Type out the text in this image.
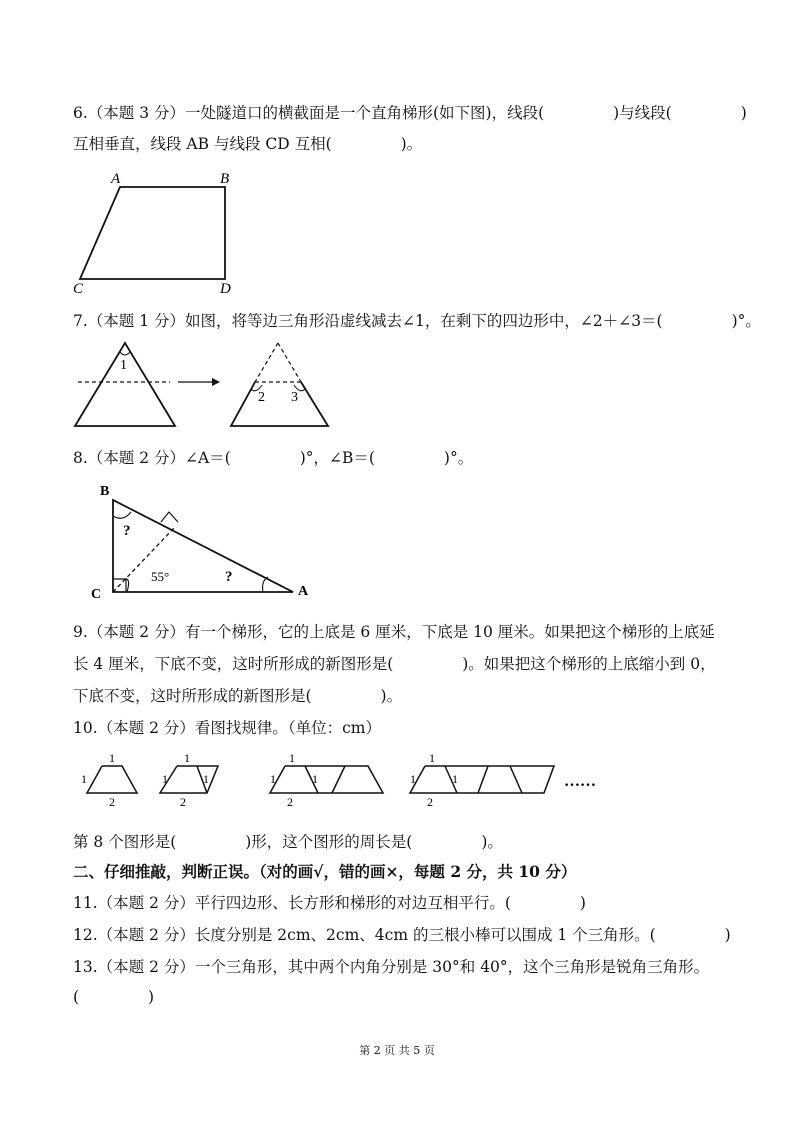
6.（本题 3 分）一处隧道口的横截面是一个直角梯形(如下图)，线段(              )与线段(              )
互相垂直，线段 AB 与线段 CD 互相(              )。
A	B
C	D
7.（本题 1 分）如图，将等边三角形沿虚线减去∠1，在剩下的四边形中，∠2＋∠3＝(              )°。
1
2 3
8.（本题 2 分）∠A＝(              )°，∠B＝(              )°。
B
C	A
?
?
55°
9.（本题 2 分）有一个梯形，它的上底是 6 厘米，下底是 10 厘米。如果把这个梯形的上底延
长 4 厘米，下底不变，这时所形成的新图形是(              )。如果把这个梯形的上底缩小到 0，
下底不变，这时所形成的新图形是(              )。
10.（本题 2 分）看图找规律。（单位：cm）
1
1
2
1
1	1
2
1
1	1
2
1
1	1
2
……
第 8 个图形是(              )形，这个图形的周长是(              )。
二、仔细推敲，判断正误。（对的画√，错的画×，每题 2 分，共 10 分）
11.（本题 2 分）平行四边形、长方形和梯形的对边互相平行。(              )
12.（本题 2 分）长度分别是 2cm、2cm、4cm 的三根小棒可以围成 1 个三角形。(              )
13.（本题 2 分）一个三角形，其中两个内角分别是 30°和 40°，这个三角形是锐角三角形。
(              )
第 2 页 共 5 页
